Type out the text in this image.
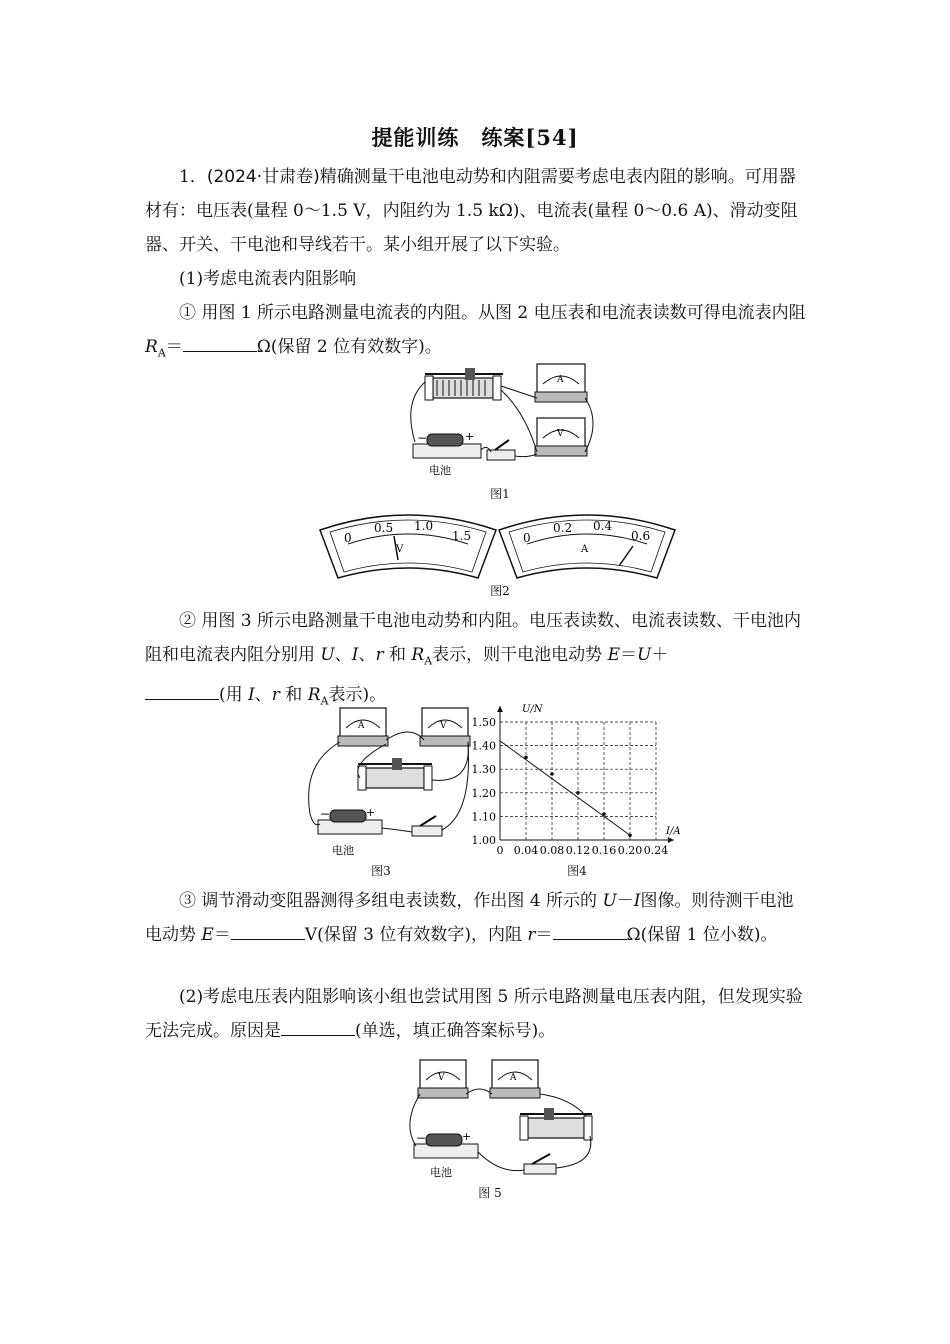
提能训练　练案[54]
1．(2024·甘肃卷)精确测量干电池电动势和内阻需要考虑电表内阻的影响。可用器材有：电压表(量程 0～1.5 V，内阻约为 1.5 kΩ)、电流表(量程 0～0.6 A)、滑动变阻器、开关、干电池和导线若干。某小组开展了以下实验。
(1)考虑电流表内阻影响
① 用图 1 所示电路测量电流表的内阻。从图 2 电压表和电流表读数可得电流表内阻 $R_A=$	Ω(保留 2 位有效数字)。
A
V
−	+
电池
图1
0
0.5 1.0
1.5
V
0
0.2 0.4
0.6
A
图2
② 用图 3 所示电路测量干电池电动势和内阻。电压表读数、电流表读数、干电池内阻和电流表内阻分别用 U、I、r 和 $R_A$表示，则干电池电动势 E＝U＋
(用 I、r 和 $R_A$表示)。
A	V
−	+
电池
图3
1.00
1.10
1.20
1.30
1.40
1.50
0 0.04 0.08 0.12 0.16 0.20 0.24
U/N
I/A
图4
③ 调节滑动变阻器测得多组电表读数，作出图 4 所示的 U－I图像。则待测干电池电动势 E＝	V(保留 3 位有效数字)，内阻 r＝	Ω(保留 1 位小数)。
(2)考虑电压表内阻影响该小组也尝试用图 5 所示电路测量电压表内阻，但发现实验无法完成。原因是	(单选，填正确答案标号)。
V	A
−	+
电池
图 5
